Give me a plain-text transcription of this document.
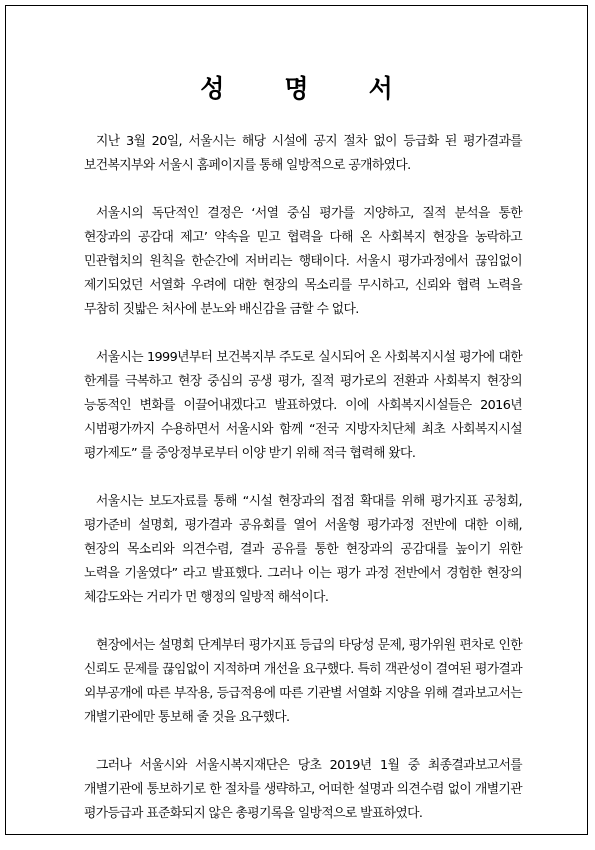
성명서

지난 3월 20일, 서울시는 해당 시설에 공지 절차 없이 등급화 된 평가결과를 보건복지부와 서울시 홈페이지를 통해 일방적으로 공개하였다.

서울시의 독단적인 결정은 ‘서열 중심 평가를 지양하고, 질적 분석을 통한 현장과의 공감대 제고’ 약속을 믿고 협력을 다해 온 사회복지 현장을 농락하고 민관협치의 원칙을 한순간에 저버리는 행태이다. 서울시 평가과정에서 끊임없이 제기되었던 서열화 우려에 대한 현장의 목소리를 무시하고, 신뢰와 협력 노력을 무참히 짓밟은 처사에 분노와 배신감을 금할 수 없다.

서울시는 1999년부터 보건복지부 주도로 실시되어 온 사회복지시설 평가에 대한 한계를 극복하고 현장 중심의 공생 평가, 질적 평가로의 전환과 사회복지 현장의 능동적인 변화를 이끌어내겠다고 발표하였다. 이에 사회복지시설들은 2016년 시범평가까지 수용하면서 서울시와 함께 “전국 지방자치단체 최초 사회복지시설 평가제도” 를 중앙정부로부터 이양 받기 위해 적극 협력해 왔다.

서울시는 보도자료를 통해 “시설 현장과의 접점 확대를 위해 평가지표 공청회, 평가준비 설명회, 평가결과 공유회를 열어 서울형 평가과정 전반에 대한 이해, 현장의 목소리와 의견수렴, 결과 공유를 통한 현장과의 공감대를 높이기 위한 노력을 기울였다” 라고 발표했다. 그러나 이는 평가 과정 전반에서 경험한 현장의 체감도와는 거리가 먼 행정의 일방적 해석이다.

현장에서는 설명회 단계부터 평가지표 등급의 타당성 문제, 평가위원 편차로 인한 신뢰도 문제를 끊임없이 지적하며 개선을 요구했다. 특히 객관성이 결여된 평가결과 외부공개에 따른 부작용, 등급적용에 따른 기관별 서열화 지양을 위해 결과보고서는 개별기관에만 통보해 줄 것을 요구했다.

그러나 서울시와 서울시복지재단은 당초 2019년 1월 중 최종결과보고서를 개별기관에 통보하기로 한 절차를 생략하고, 어떠한 설명과 의견수렴 없이 개별기관 평가등급과 표준화되지 않은 총평기록을 일방적으로 발표하였다.
